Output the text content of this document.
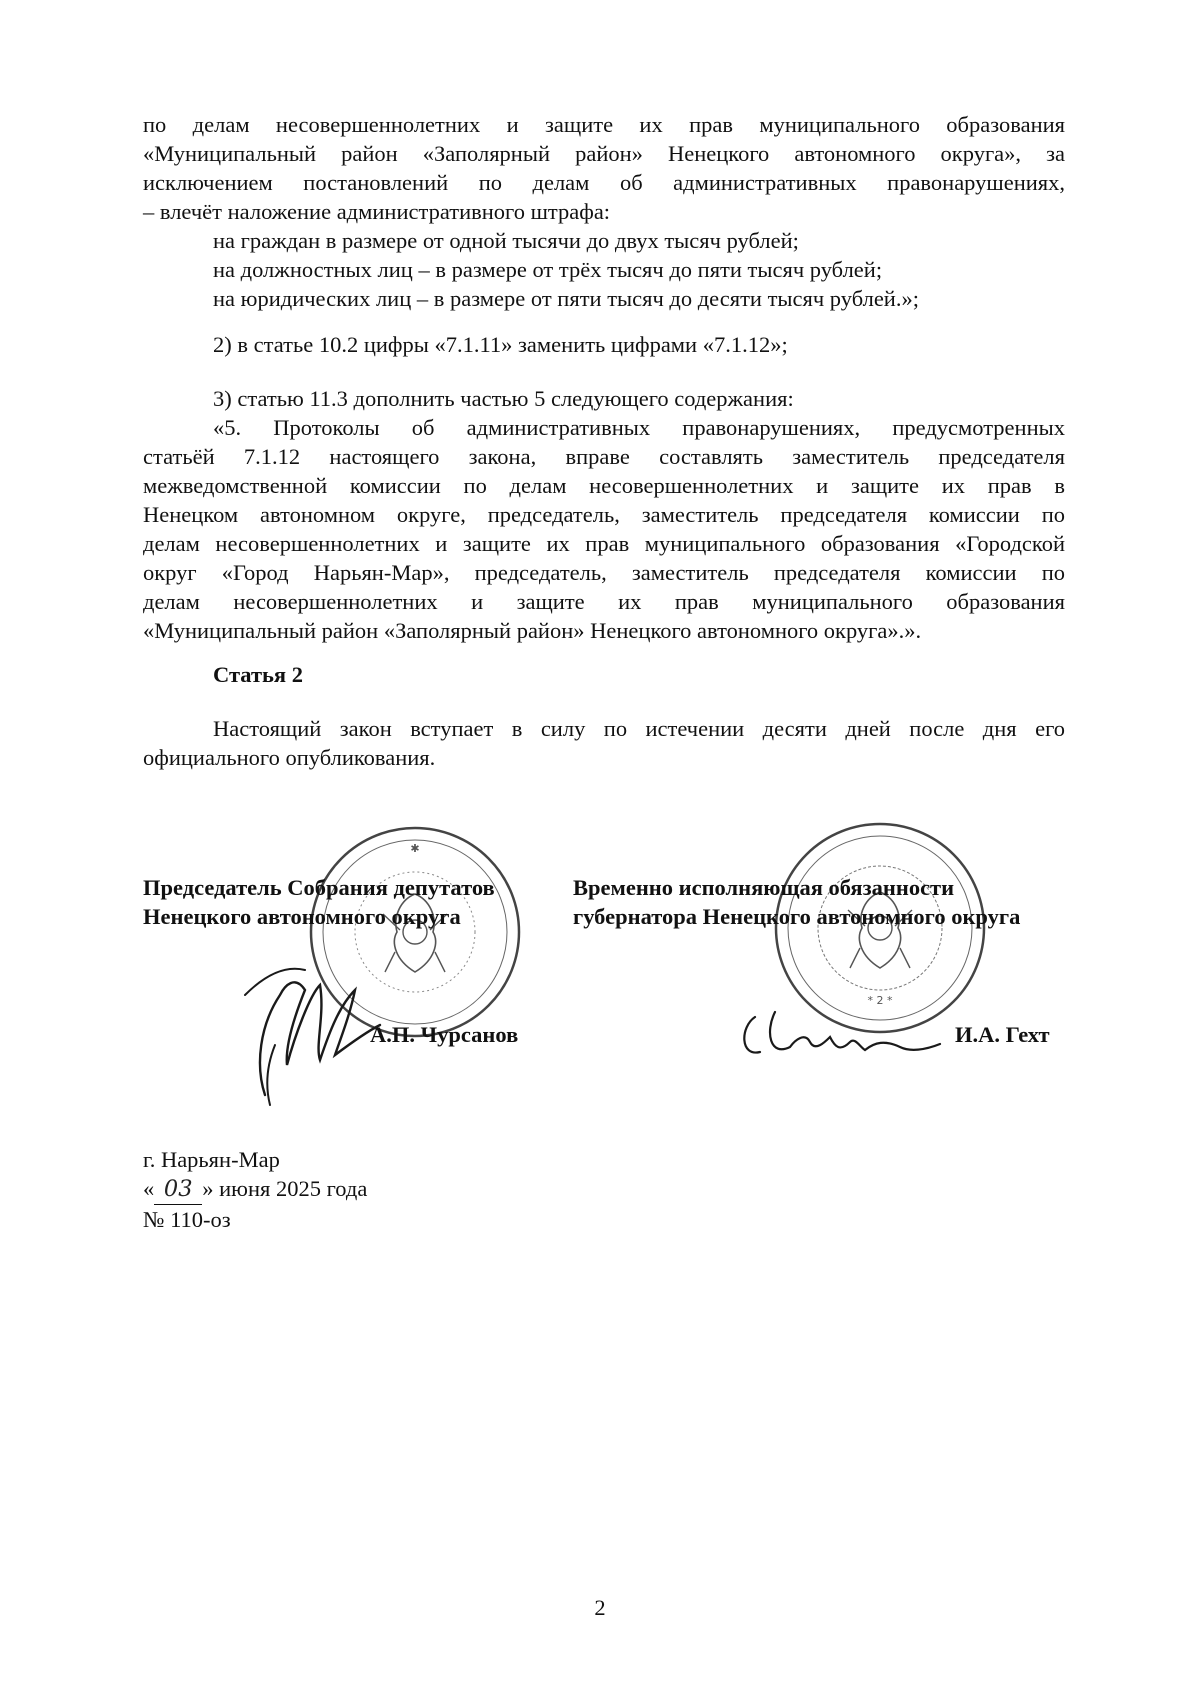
по делам несовершеннолетних и защите их прав муниципального образования
«Муниципальный район «Заполярный район» Ненецкого автономного округа», за
исключением постановлений по делам об административных правонарушениях,
– влечёт наложение административного штрафа:
на граждан в размере от одной тысячи до двух тысяч рублей;
на должностных лиц – в размере от трёх тысяч до пяти тысяч рублей;
на юридических лиц – в размере от пяти тысяч до десяти тысяч рублей.»;
2) в статье 10.2 цифры «7.1.11» заменить цифрами «7.1.12»;
3) статью 11.3 дополнить частью 5 следующего содержания:
«5. Протоколы об административных правонарушениях, предусмотренных
статьёй 7.1.12 настоящего закона, вправе составлять заместитель председателя
межведомственной комиссии по делам несовершеннолетних и защите их прав в
Ненецком автономном округе, председатель, заместитель председателя комиссии по
делам несовершеннолетних и защите их прав муниципального образования «Городской
округ «Город Нарьян-Мар», председатель, заместитель председателя комиссии по
делам несовершеннолетних и защите их прав муниципального образования
«Муниципальный район «Заполярный район» Ненецкого автономного округа».».
Статья 2
Настоящий закон вступает в силу по истечении десяти дней после дня его
официального опубликования.
✱
* 2 *
Председатель Собрания депутатов
Ненецкого автономного округа
А.П. Чурсанов
Временно исполняющая обязанности
губернатора Ненецкого автономного округа
И.А. Гехт
г. Нарьян-Мар
« 03 » июня 2025 года
№ 110-оз
2
